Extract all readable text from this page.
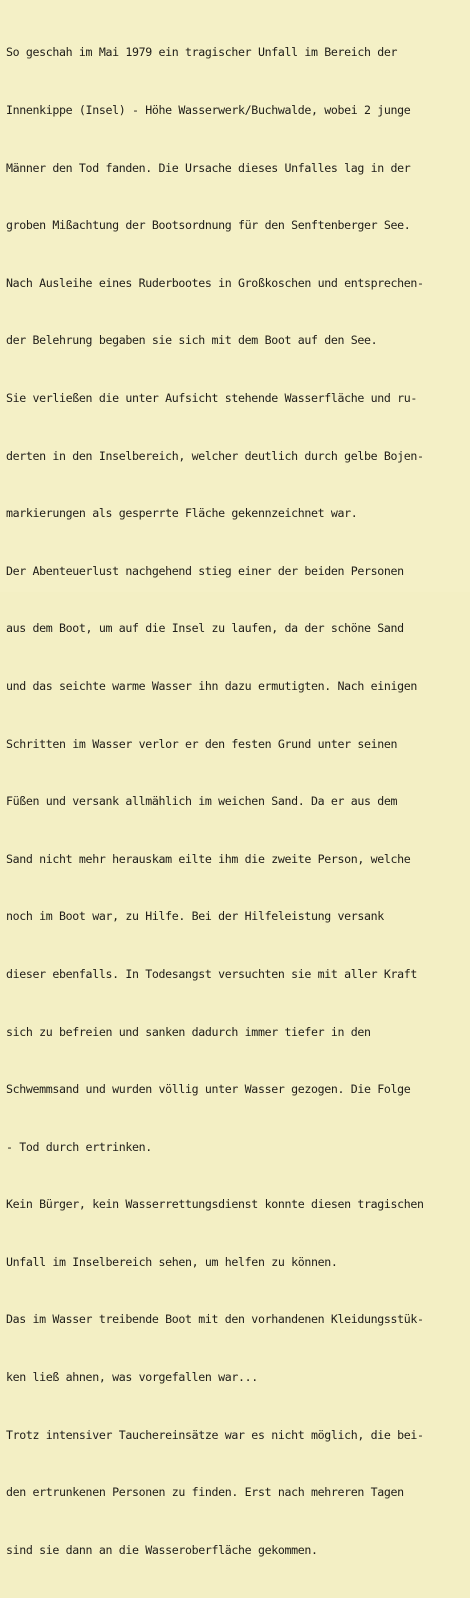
So geschah im Mai 1979 ein tragischer Unfall im Bereich der

Innenkippe (Insel) - Höhe Wasserwerk/Buchwalde, wobei 2 junge

Männer den Tod fanden. Die Ursache dieses Unfalles lag in der

groben Mißachtung der Bootsordnung für den Senftenberger See.

Nach Ausleihe eines Ruderbootes in Großkoschen und entsprechen-

der Belehrung begaben sie sich mit dem Boot auf den See.

Sie verließen die unter Aufsicht stehende Wasserfläche und ru-

derten in den Inselbereich, welcher deutlich durch gelbe Bojen-

markierungen als gesperrte Fläche gekennzeichnet war.

Der Abenteuerlust nachgehend stieg einer der beiden Personen

aus dem Boot, um auf die Insel zu laufen, da der schöne Sand

und das seichte warme Wasser ihn dazu ermutigten. Nach einigen

Schritten im Wasser verlor er den festen Grund unter seinen

Füßen und versank allmählich im weichen Sand. Da er aus dem

Sand nicht mehr herauskam eilte ihm die zweite Person, welche

noch im Boot war, zu Hilfe. Bei der Hilfeleistung versank

dieser ebenfalls. In Todesangst versuchten sie mit aller Kraft

sich zu befreien und sanken dadurch immer tiefer in den

Schwemmsand und wurden völlig unter Wasser gezogen. Die Folge

- Tod durch ertrinken.

Kein Bürger, kein Wasserrettungsdienst konnte diesen tragischen

Unfall im Inselbereich sehen, um helfen zu können.

Das im Wasser treibende Boot mit den vorhandenen Kleidungsstük-

ken ließ ahnen, was vorgefallen war...

Trotz intensiver Tauchereinsätze war es nicht möglich, die bei-

den ertrunkenen Personen zu finden. Erst nach mehreren Tagen

sind sie dann an die Wasseroberfläche gekommen.
